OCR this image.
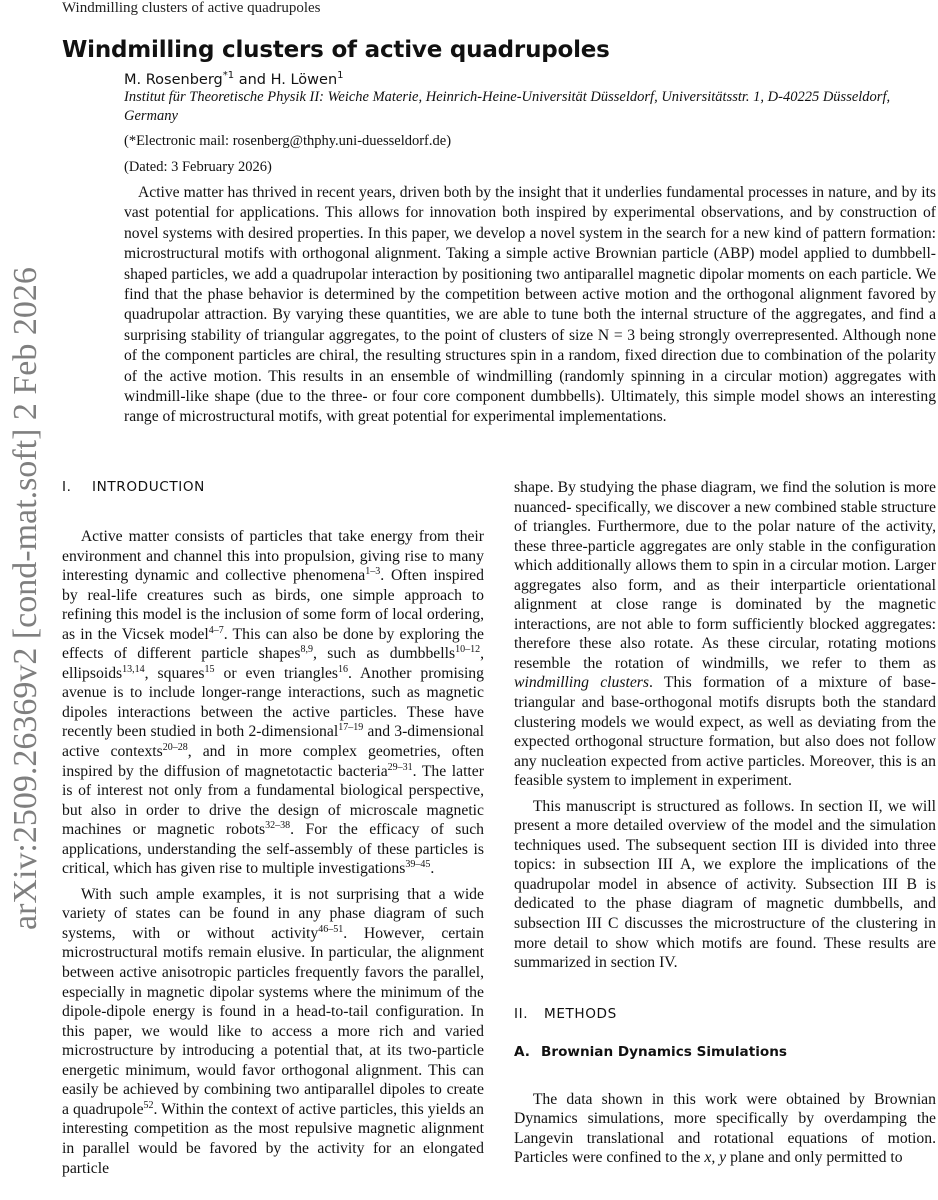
Windmilling clusters of active quadrupoles
arXiv:2509.26369v2 [cond-mat.soft] 2 Feb 2026
Windmilling clusters of active quadrupoles
M. Rosenberg$^{*1}$ and H. Löwen$^1$
Institut für Theoretische Physik II: Weiche Materie, Heinrich-Heine-Universität Düsseldorf, Universitätsstr. 1, D-40225 Düsseldorf, Germany
(*Electronic mail: rosenberg@thphy.uni-duesseldorf.de)
(Dated: 3 February 2026)

Active matter has thrived in recent years, driven both by the insight that it underlies fundamental processes in nature, and by its vast potential for applications. This allows for innovation both inspired by experimental observations, and by construction of novel systems with desired properties. In this paper, we develop a novel system in the search for a new kind of pattern formation: microstructural motifs with orthogonal alignment. Taking a simple active Brownian particle (ABP) model applied to dumbbell-shaped particles, we add a quadrupolar interaction by positioning two antiparallel magnetic dipolar moments on each particle. We find that the phase behavior is determined by the competition between active motion and the orthogonal alignment favored by quadrupolar attraction. By varying these quantities, we are able to tune both the internal structure of the aggregates, and find a surprising stability of triangular aggregates, to the point of clusters of size N = 3 being strongly overrepresented. Although none of the component particles are chiral, the resulting structures spin in a random, fixed direction due to combination of the polarity of the active motion. This results in an ensemble of windmilling (randomly spinning in a circular motion) aggregates with windmill-like shape (due to the three- or four core component dumbbells). Ultimately, this simple model shows an interesting range of microstructural motifs, with great potential for experimental implementations.

I. INTRODUCTION

Active matter consists of particles that take energy from their environment and channel this into propulsion, giving rise to many interesting dynamic and collective phenomena$^{1-3}$. Often inspired by real-life creatures such as birds, one simple approach to refining this model is the inclusion of some form of local ordering, as in the Vicsek model$^{4-7}$. This can also be done by exploring the effects of different particle shapes$^{8,9}$, such as dumbbells$^{10-12}$, ellipsoids$^{13,14}$, squares$^{15}$ or even triangles$^{16}$. Another promising avenue is to include longer-range interactions, such as magnetic dipoles interactions between the active particles. These have recently been studied in both 2-dimensional$^{17-19}$ and 3-dimensional active contexts$^{20-28}$, and in more complex geometries, often inspired by the diffusion of magnetotactic bacteria$^{29-31}$. The latter is of interest not only from a fundamental biological perspective, but also in order to drive the design of microscale magnetic machines or magnetic robots$^{32-38}$. For the efficacy of such applications, understanding the self-assembly of these particles is critical, which has given rise to multiple investigations$^{39-45}$.

With such ample examples, it is not surprising that a wide variety of states can be found in any phase diagram of such systems, with or without activity$^{46-51}$. However, certain microstructural motifs remain elusive. In particular, the alignment between active anisotropic particles frequently favors the parallel, especially in magnetic dipolar systems where the minimum of the dipole-dipole energy is found in a head-to-tail configuration. In this paper, we would like to access a more rich and varied microstructure by introducing a potential that, at its two-particle energetic minimum, would favor orthogonal alignment. This can easily be achieved by combining two antiparallel dipoles to create a quadrupole$^{52}$. Within the context of active particles, this yields an interesting competition as the most repulsive magnetic alignment in parallel would be favored by the activity for an elongated particle

shape. By studying the phase diagram, we find the solution is more nuanced- specifically, we discover a new combined stable structure of triangles. Furthermore, due to the polar nature of the activity, these three-particle aggregates are only stable in the configuration which additionally allows them to spin in a circular motion. Larger aggregates also form, and as their interparticle orientational alignment at close range is dominated by the magnetic interactions, are not able to form sufficiently blocked aggregates: therefore these also rotate. As these circular, rotating motions resemble the rotation of windmills, we refer to them as windmilling clusters. This formation of a mixture of base-triangular and base-orthogonal motifs disrupts both the standard clustering models we would expect, as well as deviating from the expected orthogonal structure formation, but also does not follow any nucleation expected from active particles. Moreover, this is an feasible system to implement in experiment.

This manuscript is structured as follows. In section II, we will present a more detailed overview of the model and the simulation techniques used. The subsequent section III is divided into three topics: in subsection III A, we explore the implications of the quadrupolar model in absence of activity. Subsection III B is dedicated to the phase diagram of magnetic dumbbells, and subsection III C discusses the microstructure of the clustering in more detail to show which motifs are found. These results are summarized in section IV.

II. METHODS
A. Brownian Dynamics Simulations

The data shown in this work were obtained by Brownian Dynamics simulations, more specifically by overdamping the Langevin translational and rotational equations of motion. Particles were confined to the x, y plane and only permitted to
